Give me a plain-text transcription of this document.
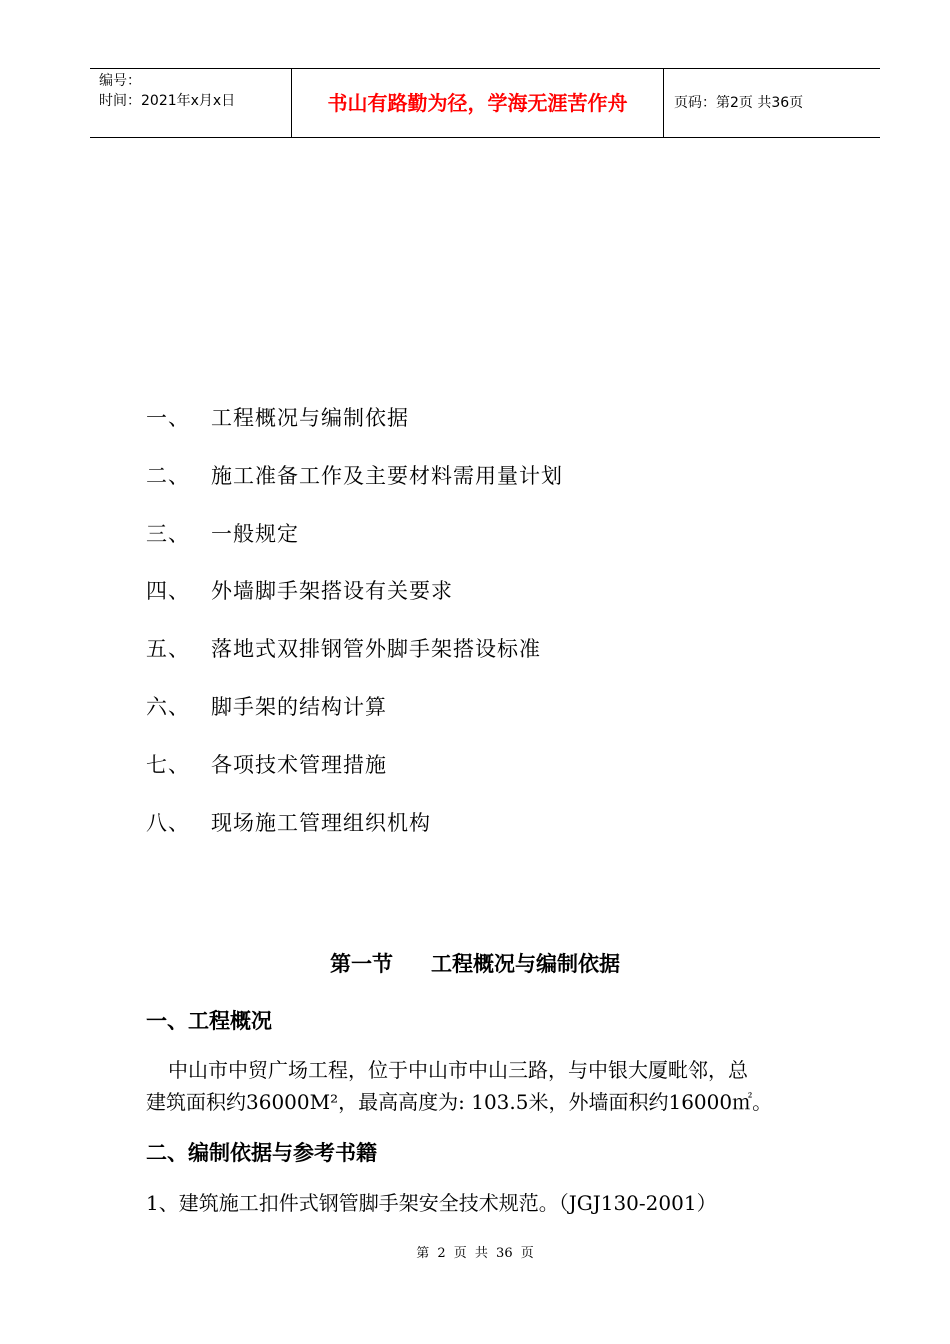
编号：
时间：2021年x月x日	书山有路勤为径，学海无涯苦作舟	页码：第2页 共36页
一、 工程概况与编制依据
二、 施工准备工作及主要材料需用量计划
三、 一般规定
四、 外墙脚手架搭设有关要求
五、 落地式双排钢管外脚手架搭设标准
六、 脚手架的结构计算
七、 各项技术管理措施
八、 现场施工管理组织机构
第一节 工程概况与编制依据
一、工程概况
中山市中贸广场工程，位于中山市中山三路，与中银大厦毗邻，总
建筑面积约36000M²，最高高度为: 103.5米，外墙面积约16000㎡。
二、编制依据与参考书籍
1、建筑施工扣件式钢管脚手架安全技术规范。（JGJ130-2001）
第 2 页 共 36 页
